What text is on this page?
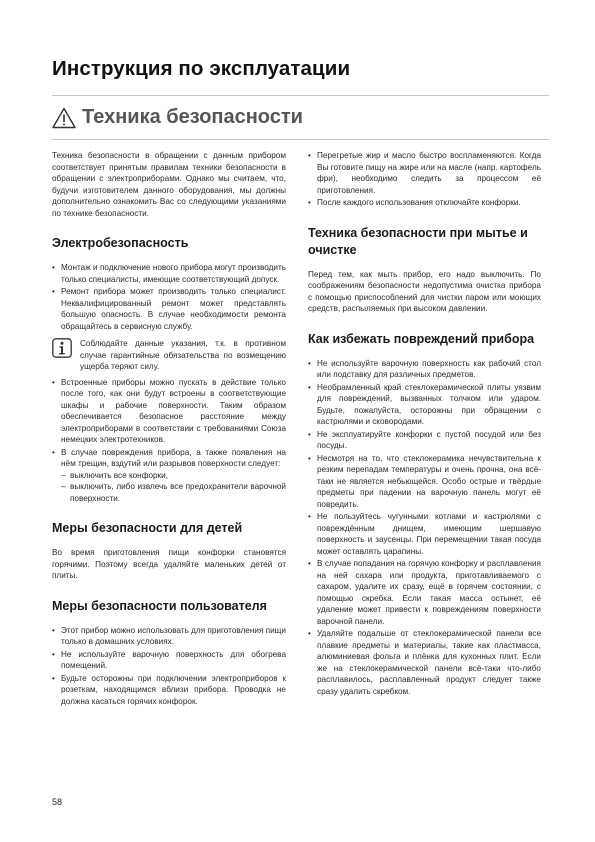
Инструкция по эксплуатации
Техника безопасности

Техника безопасности в обращении с данным прибором соответствует принятым правилам техники безопасности в обращении с электроприборами. Однако мы считаем, что, будучи изготовителем данного оборудования, мы должны дополнительно ознакомить Вас со следующими указаниями по технике безопасности.

Электробезопасность
• Монтаж и подключение нового прибора могут производить только специалисты, имеющие соответствующий допуск.
• Ремонт прибора может производить только специалист. Неквалифицированный ремонт может представлять большую опасность. В случае необходимости ремонта обращайтесь в сервисную службу.
Соблюдайте данные указания, т.к. в противном случае гарантийные обязательства по возмещению ущерба теряют силу.
• Встроенные приборы можно пускать в действие только после того, как они будут встроены в соответствующие шкафы и рабочие поверхности. Таким образом обеспечивается безопасное расстояние между электроприборами в соответствии с требованиями Союза немецких электротехников.
• В случае повреждения прибора, а также появления на нём трещин, вздутий или разрывов поверхности следует:
– выключить все конфорки,
– выключить, либо извлечь все предохранители варочной поверхности.
Меры безопасности для детей

Во время приготовления пищи конфорки становятся горячими. Поэтому всегда удаляйте маленьких детей от плиты.

Меры безопасности пользователя
• Этот прибор можно использовать для приготовления пищи только в домашних условиях.
• Не используйте варочную поверхность для обогрева помещений.
• Будьте осторожны при подключении электроприборов к розеткам, находящимся вблизи прибора. Проводка не должна касаться горячих конфорок.
• Перегретые жир и масло быстро воспламеняются. Когда Вы готовите пищу на жире или на масле (напр. картофель фри), необходимо следить за процессом её приготовления.
• После каждого использования отключайте конфорки.
Техника безопасности при мытье и очистке

Перед тем, как мыть прибор, его надо выключить. По соображениям безопасности недопустима очистка прибора с помощью приспособлений для чистки паром или моющих средств, распыляемых при высоком давлении.

Как избежать повреждений прибора
• Не используйте варочную поверхность как рабочий стол или подставку для различных предметов.
• Необрамленный край стеклокерамической плиты уязвим для повреждений, вызванных толчком или ударом. Будьте, пожалуйста, осторожны при обращении с кастрюлями и сковородами.
• Не эксплуатируйте конфорки с пустой посудой или без посуды.
• Несмотря на то, что стеклокерамика нечувствительна к резким перепадам температуры и очень прочна, она всё-таки не является небьющейся. Особо острые и твёрдые предметы при падении на варочную панель могут её повредить.
• Не пользуйтесь чугунными котлами и кастрюлями с повреждённым днищем, имеющим шершавую поверхность и заусенцы. При перемещении такая посуда может оставлять царапины.
• В случае попадания на горячую конфорку и расплавления на ней сахара или продукта, приготавливаемого с сахаром, удалите их сразу, ещё в горячем состоянии, с помощью скребка. Если такая масса остынет, её удаление может привести к повреждениям поверхности варочной панели.
• Удаляйте подальше от стеклокерамической панели все плавкие предметы и материалы, такие как пластмасса, алюминиевая фольга и плёнка для кухонных плит. Если же на стеклокерамической панели всё-таки что-либо расплавилось, расплавленный продукт следует также сразу удалить скребком.
58
